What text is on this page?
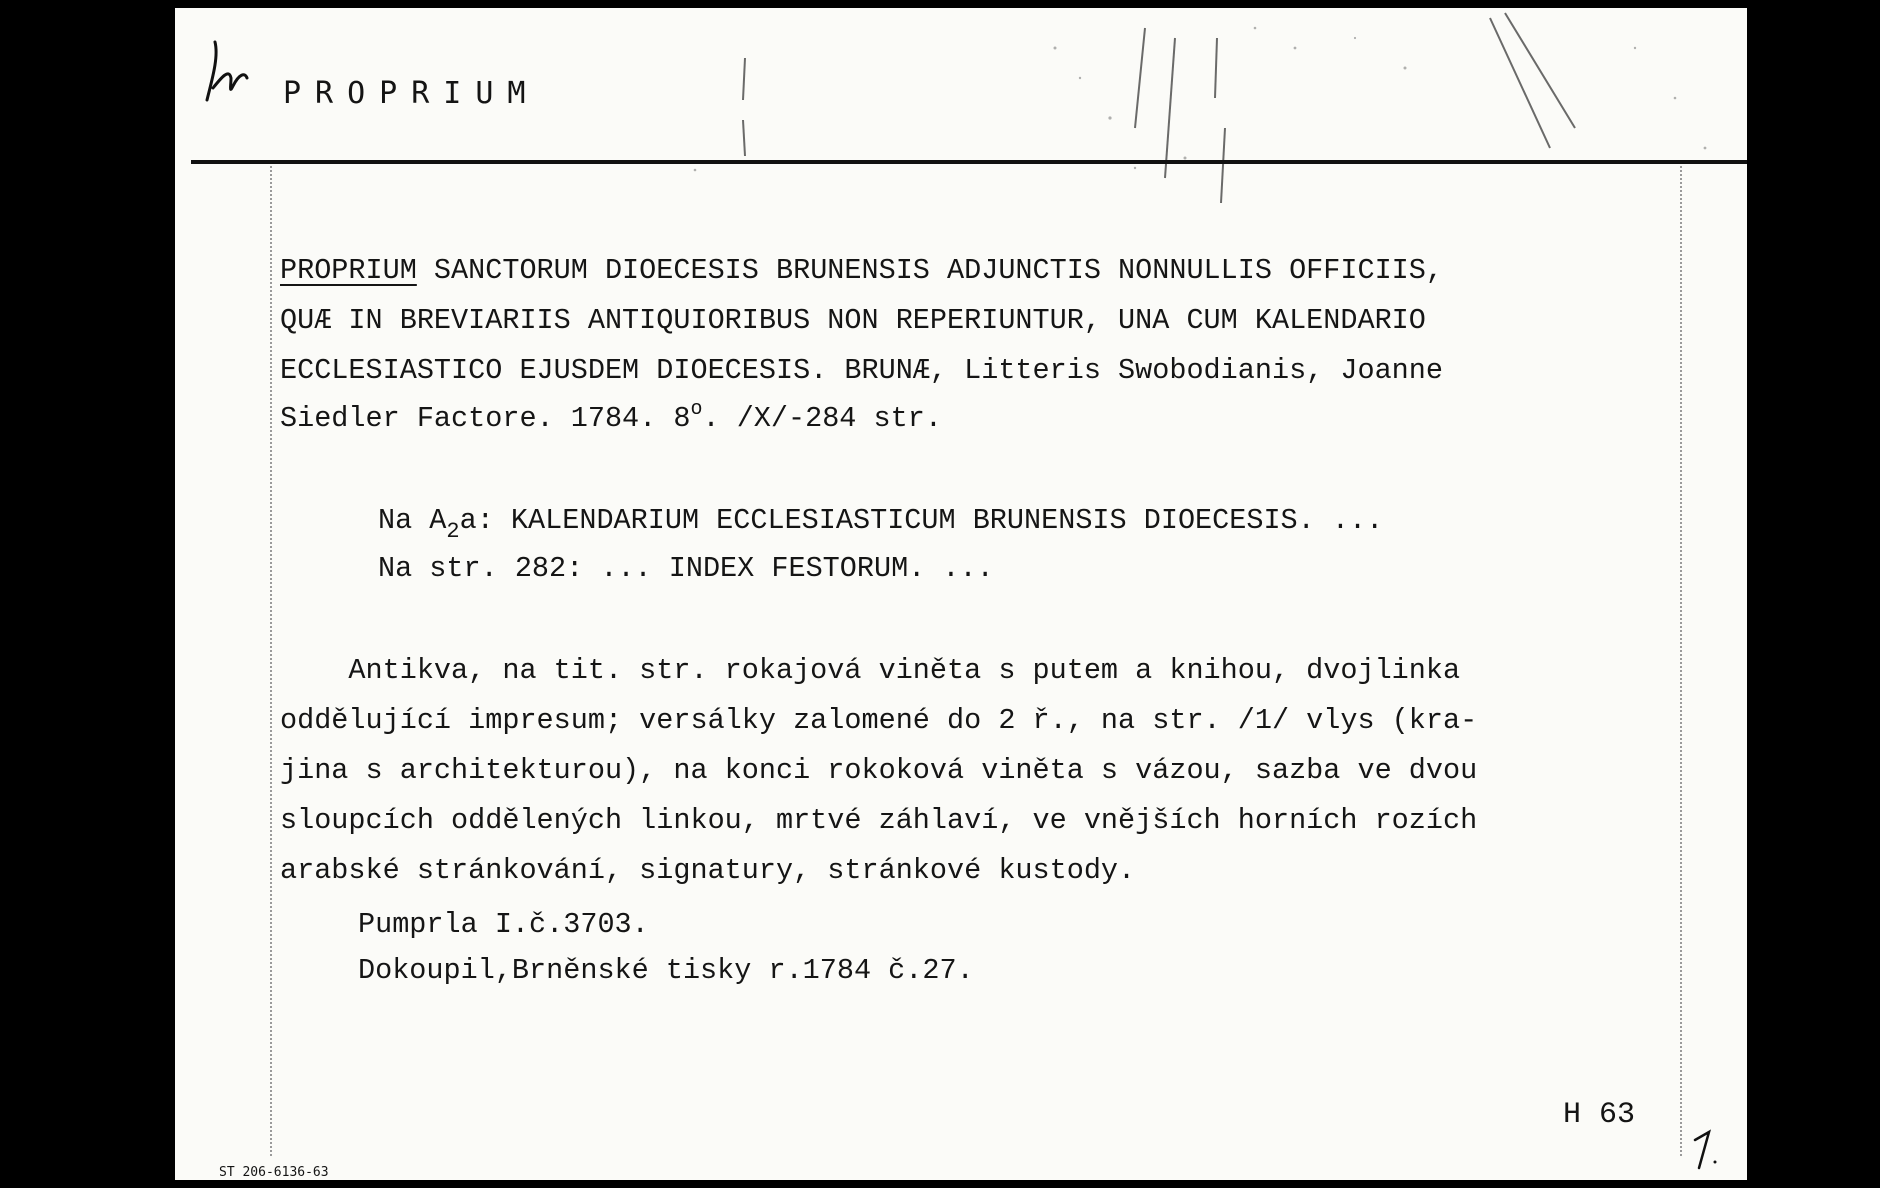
PROPRIUM
PROPRIUM SANCTORUM DIOECESIS BRUNENSIS ADJUNCTIS NONNULLIS OFFICIIS,
QUÆ IN BREVIARIIS ANTIQUIORIBUS NON REPERIUNTUR, UNA CUM KALENDARIO
ECCLESIASTICO EJUSDEM DIOECESIS. BRUNÆ, Litteris Swobodianis, Joanne
Siedler Factore. 1784. 8$^o$. /X/-284 str.
Na $A_2a$: KALENDARIUM ECCLESIASTICUM BRUNENSIS DIOECESIS. ...
Na str. 282: ... INDEX FESTORUM. ...
Antikva, na tit. str. rokajová viněta s putem a knihou, dvojlinka
oddělující impresum; versálky zalomené do 2 ř., na str. /1/ vlys (kra-
jina s architekturou), na konci rokoková viněta s vázou, sazba ve dvou
sloupcích oddělených linkou, mrtvé záhlaví, ve vnějších horních rozích
arabské stránkování, signatury, stránkové kustody.
Pumprla I.č.3703.
Dokoupil,Brněnské tisky r.1784 č.27.
H 63
ST 206-6136-63
